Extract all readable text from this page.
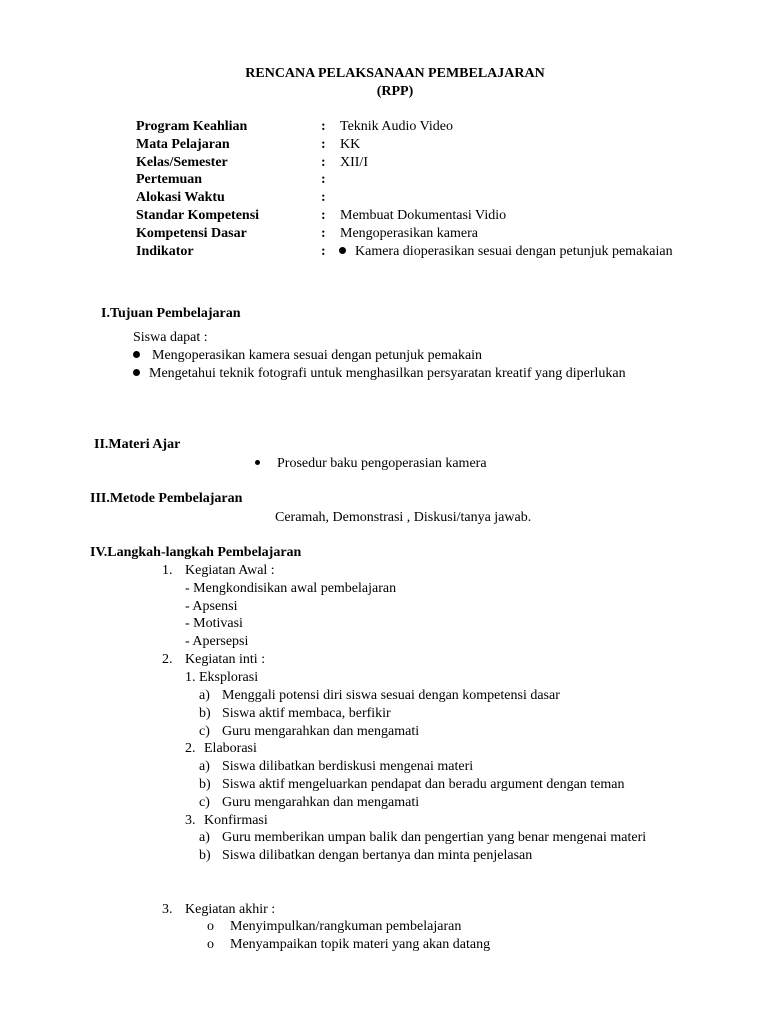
RENCANA PELAKSANAAN PEMBELAJARAN
(RPP)
Program Keahlian	: Teknik Audio Video
Mata Pelajaran	: KK
Kelas/Semester	: XII/I
Pertemuan	:
Alokasi Waktu	:
Standar Kompetensi	: Membuat Dokumentasi Vidio
Kompetensi Dasar	: Mengoperasikan kamera
Indikator	: Kamera dioperasikan sesuai dengan petunjuk pemakaian
I.Tujuan Pembelajaran
Siswa dapat :
Mengoperasikan kamera sesuai dengan petunjuk pemakain
Mengetahui teknik fotografi untuk menghasilkan persyaratan kreatif yang diperlukan
II.Materi Ajar
Prosedur baku pengoperasian kamera
III.Metode Pembelajaran
Ceramah, Demonstrasi , Diskusi/tanya jawab.
IV.Langkah-langkah Pembelajaran
1. Kegiatan Awal :
- Mengkondisikan awal pembelajaran
- Apsensi
- Motivasi
- Apersepsi
2. Kegiatan inti :
1. Eksplorasi
a) Menggali potensi diri siswa sesuai dengan kompetensi dasar
b) Siswa aktif membaca, berfikir
c) Guru mengarahkan dan mengamati
2. Elaborasi
a) Siswa dilibatkan berdiskusi mengenai materi
b) Siswa aktif mengeluarkan pendapat dan beradu argument dengan teman
c) Guru mengarahkan dan mengamati
3. Konfirmasi
a) Guru memberikan umpan balik dan pengertian yang benar mengenai materi
b) Siswa dilibatkan dengan bertanya dan minta penjelasan
3. Kegiatan akhir :
o Menyimpulkan/rangkuman pembelajaran
o Menyampaikan topik materi yang akan datang
